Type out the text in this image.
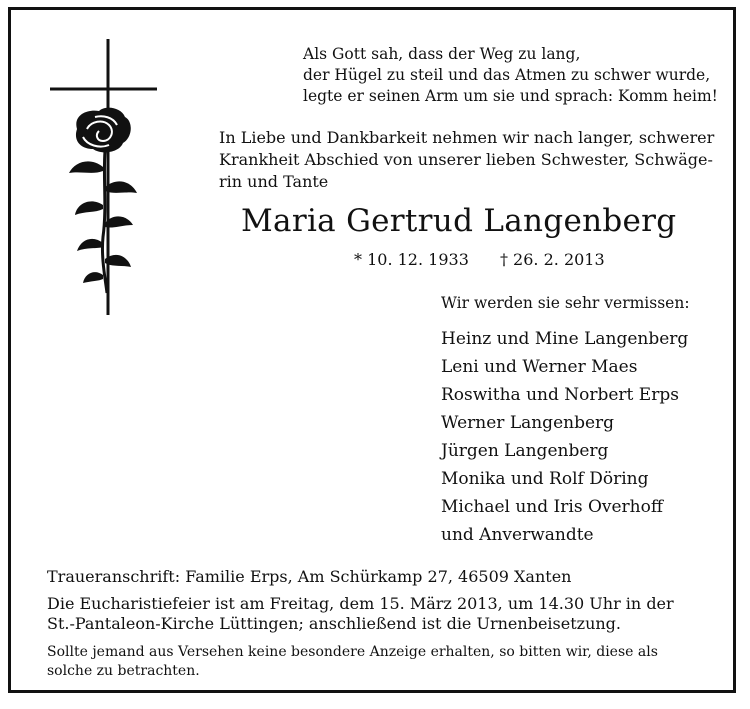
Als Gott sah, dass der Weg zu lang,
der Hügel zu steil und das Atmen zu schwer wurde,
legte er seinen Arm um sie und sprach: Komm heim!
In Liebe und Dankbarkeit nehmen wir nach langer, schwerer
Krankheit Abschied von unserer lieben Schwester, Schwäge-
rin und Tante
Maria Gertrud Langenberg
* 10. 12. 1933 † 26. 2. 2013
Wir werden sie sehr vermissen:
Heinz und Mine Langenberg
Leni und Werner Maes
Roswitha und Norbert Erps
Werner Langenberg
Jürgen Langenberg
Monika und Rolf Döring
Michael und Iris Overhoff
und Anverwandte
Traueranschrift: Familie Erps, Am Schürkamp 27, 46509 Xanten
Die Eucharistiefeier ist am Freitag, dem 15. März 2013, um 14.30 Uhr in der
St.-Pantaleon-Kirche Lüttingen; anschließend ist die Urnenbeisetzung.
Sollte jemand aus Versehen keine besondere Anzeige erhalten, so bitten wir, diese als
solche zu betrachten.
